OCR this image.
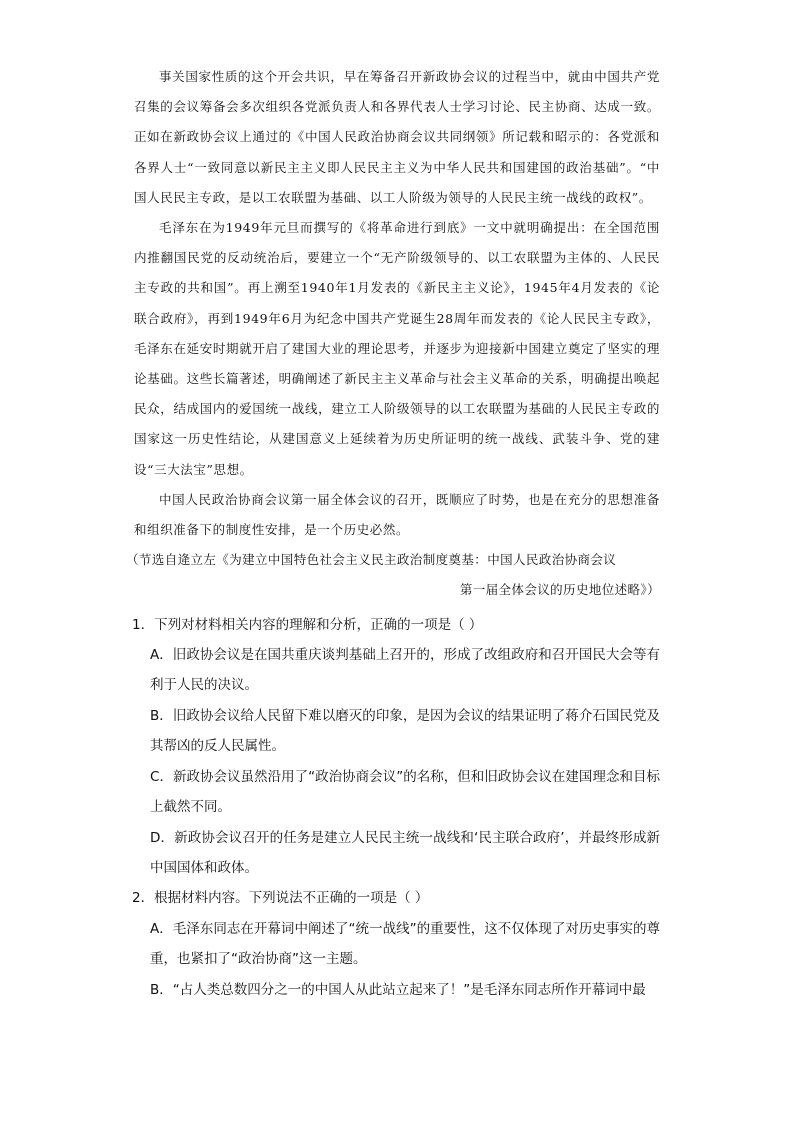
事关国家性质的这个开会共识，早在筹备召开新政协会议的过程当中，就由中国共产党召集的会议筹备会多次组织各党派负责人和各界代表人士学习讨论、民主协商、达成一致。正如在新政协会议上通过的《中国人民政治协商会议共同纲领》所记载和昭示的：各党派和各界人士“一致同意以新民主主义即人民民主主义为中华人民共和国建国的政治基础”。“中国人民民主专政，是以工农联盟为基础、以工人阶级为领导的人民民主统一战线的政权”。

毛泽东在为1949年元旦而撰写的《将革命进行到底》一文中就明确提出：在全国范围内推翻国民党的反动统治后，要建立一个“无产阶级领导的、以工农联盟为主体的、人民民主专政的共和国”。再上溯至1940年1月发表的《新民主主义论》，1945年4月发表的《论联合政府》，再到1949年6月为纪念中国共产党诞生28周年而发表的《论人民民主专政》，毛泽东在延安时期就开启了建国大业的理论思考，并逐步为迎接新中国建立奠定了坚实的理论基础。这些长篇著述，明确阐述了新民主主义革命与社会主义革命的关系，明确提出唤起民众，结成国内的爱国统一战线，建立工人阶级领导的以工农联盟为基础的人民民主专政的国家这一历史性结论，从建国意义上延续着为历史所证明的统一战线、武装斗争、党的建设“三大法宝”思想。

中国人民政治协商会议第一届全体会议的召开，既顺应了时势，也是在充分的思想准备和组织准备下的制度性安排，是一个历史必然。

（节选自逄立左《为建立中国特色社会主义民主政治制度奠基：中国人民政治协商会议
第一届全体会议的历史地位述略》）
1．下列对材料相关内容的理解和分析，正确的一项是（ ）
A．旧政协会议是在国共重庆谈判基础上召开的，形成了改组政府和召开国民大会等有利于人民的决议。
B．旧政协会议给人民留下难以磨灭的印象，是因为会议的结果证明了蒋介石国民党及其帮凶的反人民属性。
C．新政协会议虽然沿用了“政治协商会议”的名称，但和旧政协会议在建国理念和目标上截然不同。
D．新政协会议召开的任务是建立人民民主统一战线和‘民主联合政府’，并最终形成新中国国体和政体。
2．根据材料内容。下列说法不正确的一项是（ ）
A．毛泽东同志在开幕词中阐述了“统一战线”的重要性，这不仅体现了对历史事实的尊重，也紧扣了“政治协商”这一主题。
B．“占人类总数四分之一的中国人从此站立起来了！”是毛泽东同志所作开幕词中最
